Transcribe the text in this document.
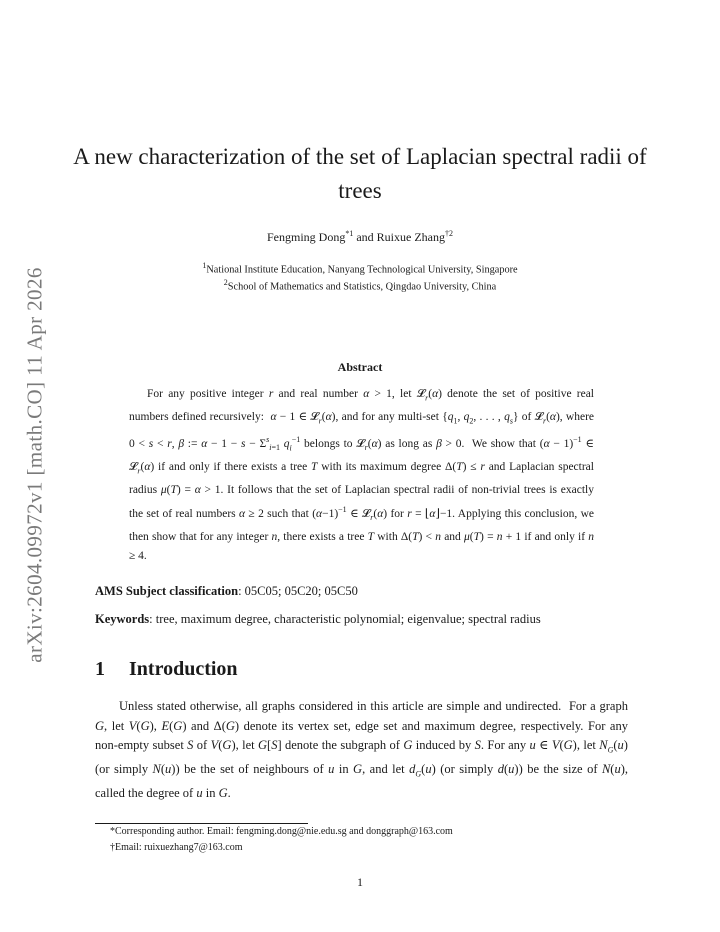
arXiv:2604.09972v1 [math.CO] 11 Apr 2026
A new characterization of the set of Laplacian spectral radii of trees
Fengming Dong$^{*1}$ and Ruixue Zhang$^{\dagger 2}$
$^1$National Institute Education, Nanyang Technological University, Singapore
$^2$School of Mathematics and Statistics, Qingdao University, China
Abstract

For any positive integer r and real number α > 1, let 𝓛$_r$(α) denote the set of positive real numbers defined recursively:  α − 1 ∈ 𝓛$_r$(α), and for any multi-set {$q_1$, $q_2$, . . . , $q_s$} of 𝓛$_r$(α), where 0 < s < r, β := $\alpha - 1 - s - \Sigma^s_{i=1}$ $q_i^{-1}$ belongs to 𝓛$_r$(α) as long as β > 0.  We show that $(\alpha - 1)^{-1}$ ∈ 𝓛$_r$(α) if and only if there exists a tree T with its maximum degree Δ(T) ≤ r and Laplacian spectral radius μ(T) = α > 1. It follows that the set of Laplacian spectral radii of non-trivial trees is exactly the set of real numbers α ≥ 2 such that $(\alpha-1)^{-1}$ ∈ 𝓛$_r$(α) for r = ⌊α⌋−1. Applying this conclusion, we then show that for any integer n, there exists a tree T with Δ(T) < n and μ(T) = n + 1 if and only if n ≥ 4.

AMS Subject classification: 05C05; 05C20; 05C50
Keywords: tree, maximum degree, characteristic polynomial; eigenvalue; spectral radius
1 Introduction

Unless stated otherwise, all graphs considered in this article are simple and undirected.  For a graph G, let V(G), E(G) and Δ(G) denote its vertex set, edge set and maximum degree, respectively. For any non-empty subset S of V(G), let G[S] denote the subgraph of G induced by S. For any u ∈ V(G), let $N_G(u)$ (or simply N(u)) be the set of neighbours of u in G, and let $d_G(u)$ (or simply d(u)) be the size of N(u), called the degree of u in G.

*Corresponding author. Email: fengming.dong@nie.edu.sg and donggraph@163.com
†Email: ruixuezhang7@163.com
1
